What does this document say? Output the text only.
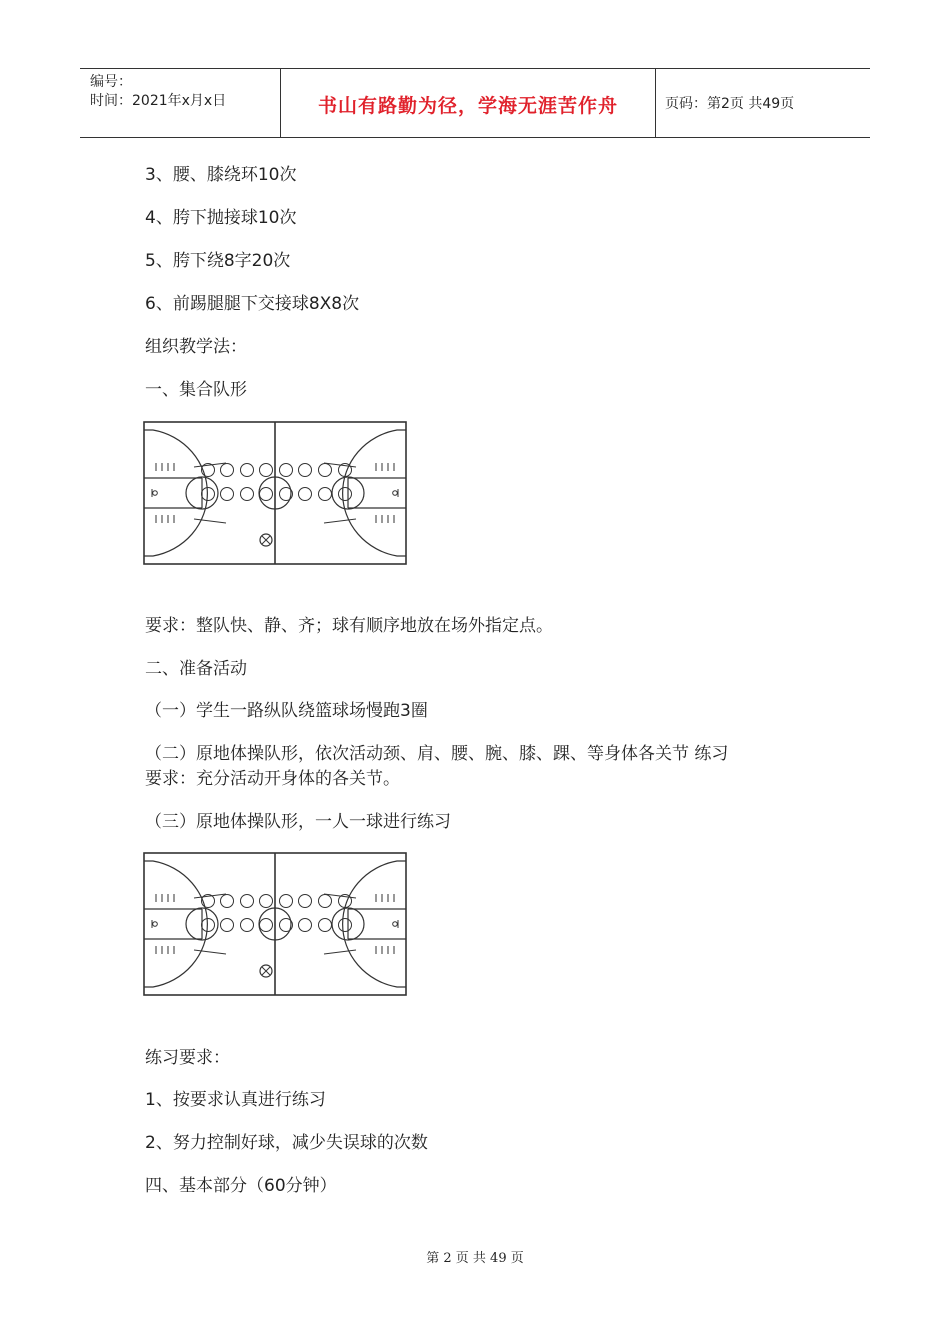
编号：
时间：2021年x月x日	书山有路勤为径，学海无涯苦作舟	页码：第2页 共49页
3、腰、膝绕环10次
4、胯下抛接球10次
5、胯下绕8字20次
6、前踢腿腿下交接球8X8次
组织教学法：
一、集合队形
要求：整队快、静、齐；球有顺序地放在场外指定点。
二、准备活动
（一）学生一路纵队绕篮球场慢跑3圈
（二）原地体操队形，依次活动颈、肩、腰、腕、膝、踝、等身体各关节 练习
要求：充分活动开身体的各关节。
（三）原地体操队形，一人一球进行练习
练习要求：
1、按要求认真进行练习
2、努力控制好球，减少失误球的次数
四、基本部分（60分钟）
第 2 页 共 49 页
